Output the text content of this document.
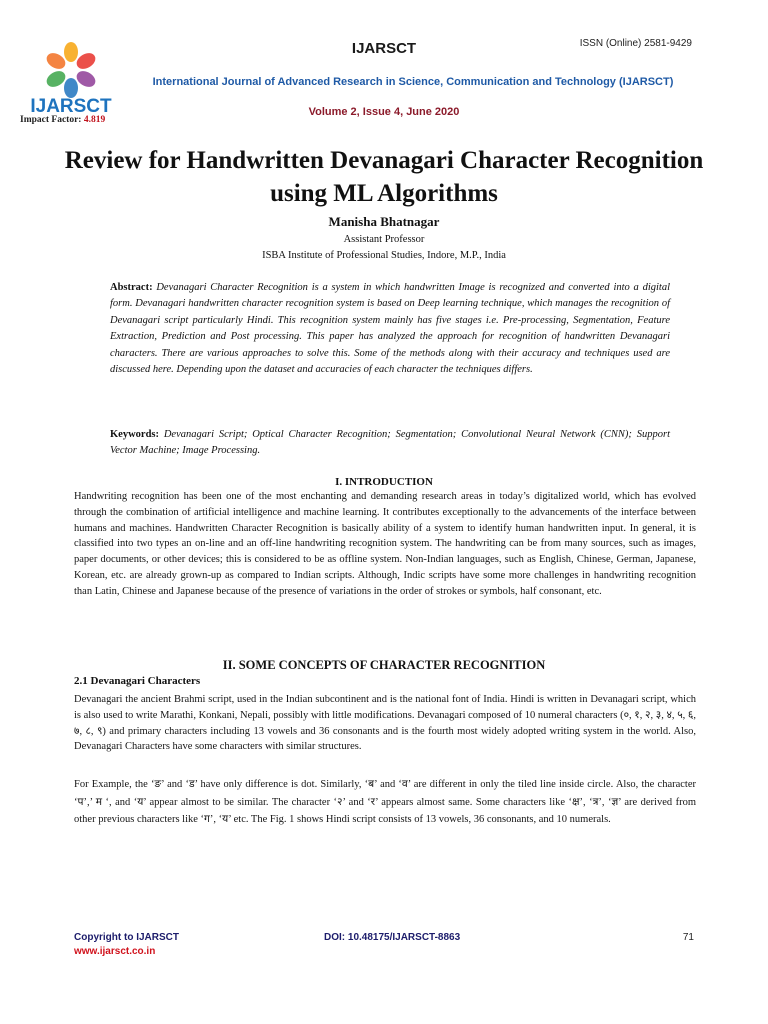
IJARSCT
IJARSCT	ISSN (Online) 2581-9429
International Journal of Advanced Research in Science, Communication and Technology (IJARSCT)
Volume 2, Issue 4, June 2020
Impact Factor: 4.819
Review for Handwritten Devanagari Character Recognition using ML Algorithms
Manisha Bhatnagar
Assistant Professor
ISBA Institute of Professional Studies, Indore, M.P., India
Abstract: Devanagari Character Recognition is a system in which handwritten Image is recognized and converted into a digital form. Devanagari handwritten character recognition system is based on Deep learning technique, which manages the recognition of Devanagari script particularly Hindi. This recognition system mainly has five stages i.e. Pre-processing, Segmentation, Feature Extraction, Prediction and Post processing. This paper has analyzed the approach for recognition of handwritten Devanagari characters. There are various approaches to solve this. Some of the methods along with their accuracy and techniques used are discussed here. Depending upon the dataset and accuracies of each character the techniques differs.
Keywords: Devanagari Script; Optical Character Recognition; Segmentation; Convolutional Neural Network (CNN); Support Vector Machine; Image Processing.
I. INTRODUCTION
Handwriting recognition has been one of the most enchanting and demanding research areas in today’s digitalized world, which has evolved through the combination of artificial intelligence and machine learning. It contributes exceptionally to the advancements of the interface between humans and machines. Handwritten Character Recognition is basically ability of a system to identify human handwritten input. In general, it is classified into two types an on-line and an off-line handwriting recognition system. The handwriting can be from many sources, such as images, paper documents, or other devices; this is considered to be as offline system. Non-Indian languages, such as English, Chinese, German, Japanese, Korean, etc. are already grown-up as compared to Indian scripts. Although, Indic scripts have some more challenges in handwriting recognition than Latin, Chinese and Japanese because of the presence of variations in the order of strokes or symbols, half consonant, etc.
II. SOME CONCEPTS OF CHARACTER RECOGNITION
2.1 Devanagari Characters
Devanagari the ancient Brahmi script, used in the Indian subcontinent and is the national font of India. Hindi is written in Devanagari script, which is also used to write Marathi, Konkani, Nepali, possibly with little modifications. Devanagari composed of 10 numeral characters (०, १, २, ३, ४, ५, ६, ७, ८, ९) and primary characters including 13 vowels and 36 consonants and is the fourth most widely adopted writing system in the world. Also, Devanagari Characters have some characters with similar structures.
For Example, the ‘ङ’ and ‘ड’ have only difference is dot. Similarly, ‘ब’ and ‘व’ are different in only the tiled line inside circle. Also, the character ‘प’,’ म ‘, and ‘य’ appear almost to be similar. The character ‘२’ and ‘र’ appears almost same. Some characters like ‘क्ष’, ‘त्र’, ‘ज्ञ’ are derived from other previous characters like ‘ग’, ‘य’ etc. The Fig. 1 shows Hindi script consists of 13 vowels, 36 consonants, and 10 numerals.
Copyright to IJARSCT
www.ijarsct.co.in
DOI: 10.48175/IJARSCT-8863	71
